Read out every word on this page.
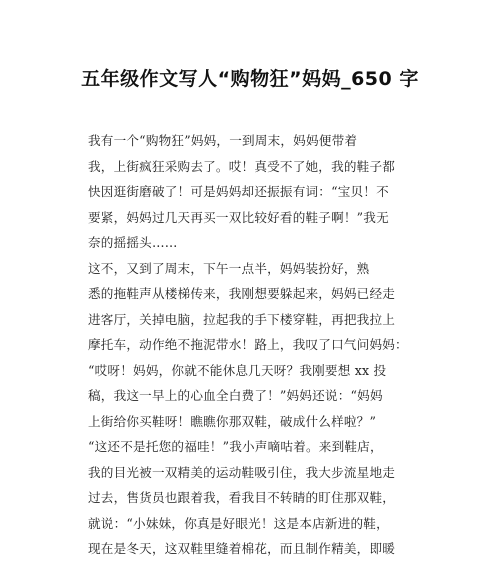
五年级作文写人“购物狂”妈妈_650 字
我有一个“购物狂”妈妈，一到周末，妈妈便带着
我，上街疯狂采购去了。哎！真受不了她，我的鞋子都
快因逛街磨破了！可是妈妈却还振振有词：“宝贝！不
要紧，妈妈过几天再买一双比较好看的鞋子啊！”我无
奈的摇摇头……
这不，又到了周末，下午一点半，妈妈装扮好，熟
悉的拖鞋声从楼梯传来，我刚想要躲起来，妈妈已经走
进客厅，关掉电脑，拉起我的手下楼穿鞋，再把我拉上
摩托车，动作绝不拖泥带水！路上，我叹了口气问妈妈：
“哎呀！妈妈，你就不能休息几天呀？我刚要想 xx 投
稿，我这一早上的心血全白费了！”妈妈还说：“妈妈
上街给你买鞋呀！瞧瞧你那双鞋，破成什么样啦？”
“这还不是托您的福哇！”我小声嘀咕着。来到鞋店，
我的目光被一双精美的运动鞋吸引住，我大步流星地走
过去，售货员也跟着我，看我目不转睛的盯住那双鞋，
就说：“小妹妹，你真是好眼光！这是本店新进的鞋，
现在是冬天，这双鞋里缝着棉花，而且制作精美，即暖
